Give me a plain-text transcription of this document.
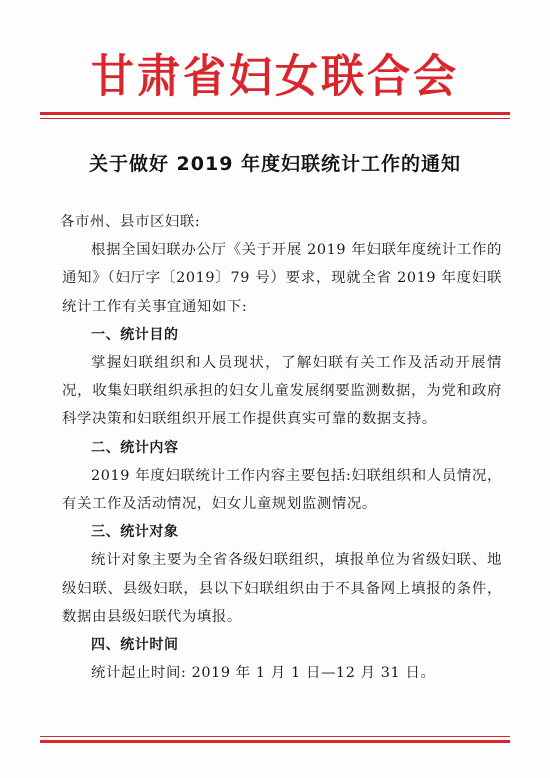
甘肃省妇女联合会
关于做好 2019 年度妇联统计工作的通知

各市州、县市区妇联:

根据全国妇联办公厅《关于开展 2019 年妇联年度统计工作的通知》（妇厅字〔2019〕79 号）要求，现就全省 2019 年度妇联统计工作有关事宜通知如下:

一、统计目的

掌握妇联组织和人员现状，了解妇联有关工作及活动开展情况，收集妇联组织承担的妇女儿童发展纲要监测数据，为党和政府科学决策和妇联组织开展工作提供真实可靠的数据支持。

二、统计内容

2019 年度妇联统计工作内容主要包括:妇联组织和人员情况，有关工作及活动情况，妇女儿童规划监测情况。

三、统计对象

统计对象主要为全省各级妇联组织，填报单位为省级妇联、地级妇联、县级妇联，县以下妇联组织由于不具备网上填报的条件，数据由县级妇联代为填报。

四、统计时间

统计起止时间: 2019 年 1 月 1 日—12 月 31 日。
